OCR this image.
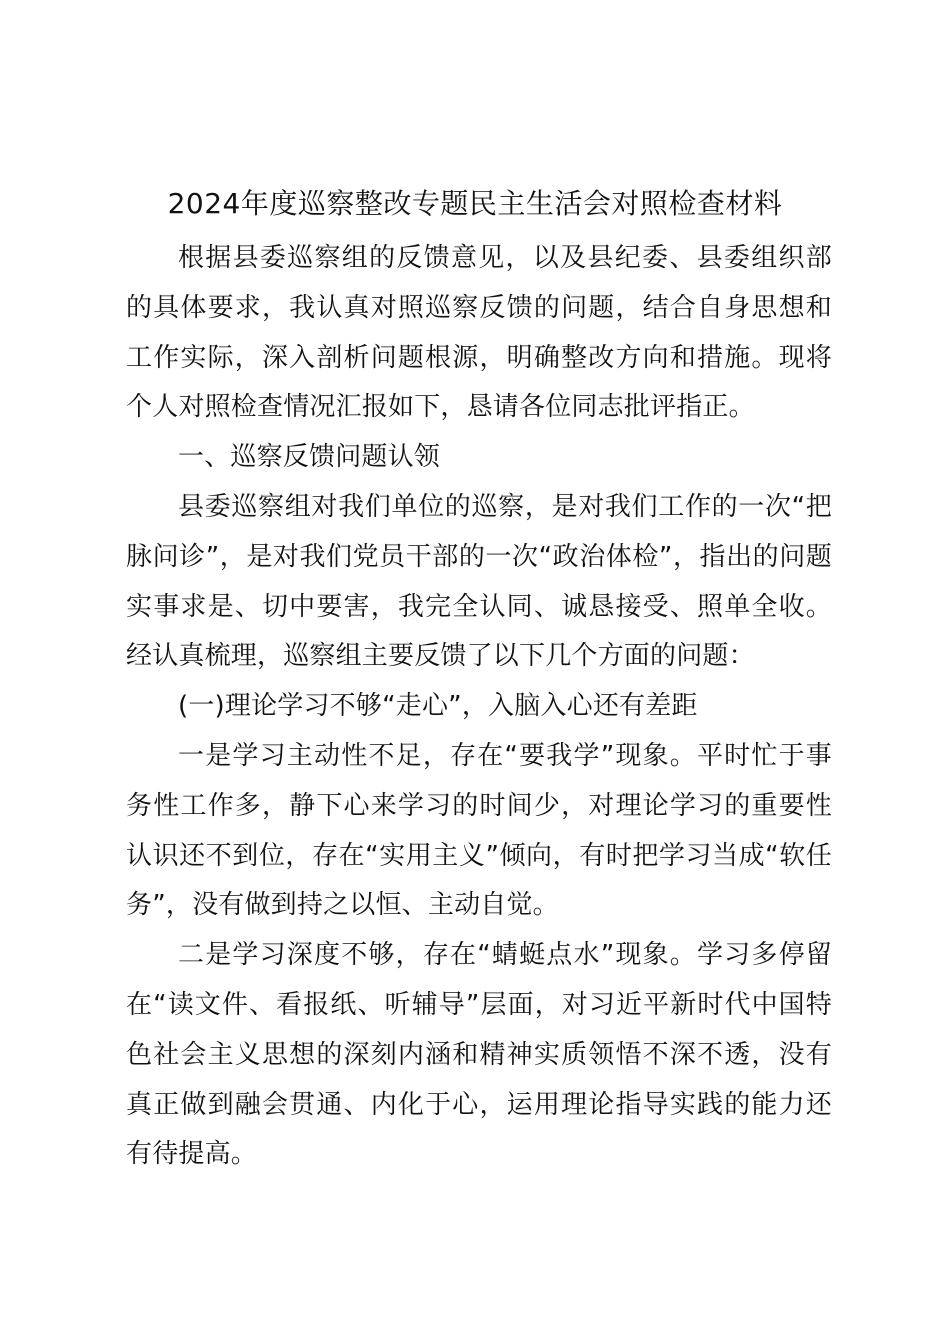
2024年度巡察整改专题民主生活会对照检查材料

根据县委巡察组的反馈意见，以及县纪委、县委组织部的具体要求，我认真对照巡察反馈的问题，结合自身思想和工作实际，深入剖析问题根源，明确整改方向和措施。现将个人对照检查情况汇报如下，恳请各位同志批评指正。

一、巡察反馈问题认领

县委巡察组对我们单位的巡察，是对我们工作的一次“把脉问诊”，是对我们党员干部的一次“政治体检”，指出的问题实事求是、切中要害，我完全认同、诚恳接受、照单全收。经认真梳理，巡察组主要反馈了以下几个方面的问题：

(一)理论学习不够“走心”，入脑入心还有差距

一是学习主动性不足，存在“要我学”现象。平时忙于事务性工作多，静下心来学习的时间少，对理论学习的重要性认识还不到位，存在“实用主义”倾向，有时把学习当成“软任务”，没有做到持之以恒、主动自觉。

二是学习深度不够，存在“蜻蜓点水”现象。学习多停留在“读文件、看报纸、听辅导”层面，对习近平新时代中国特色社会主义思想的深刻内涵和精神实质领悟不深不透，没有真正做到融会贯通、内化于心，运用理论指导实践的能力还有待提高。
